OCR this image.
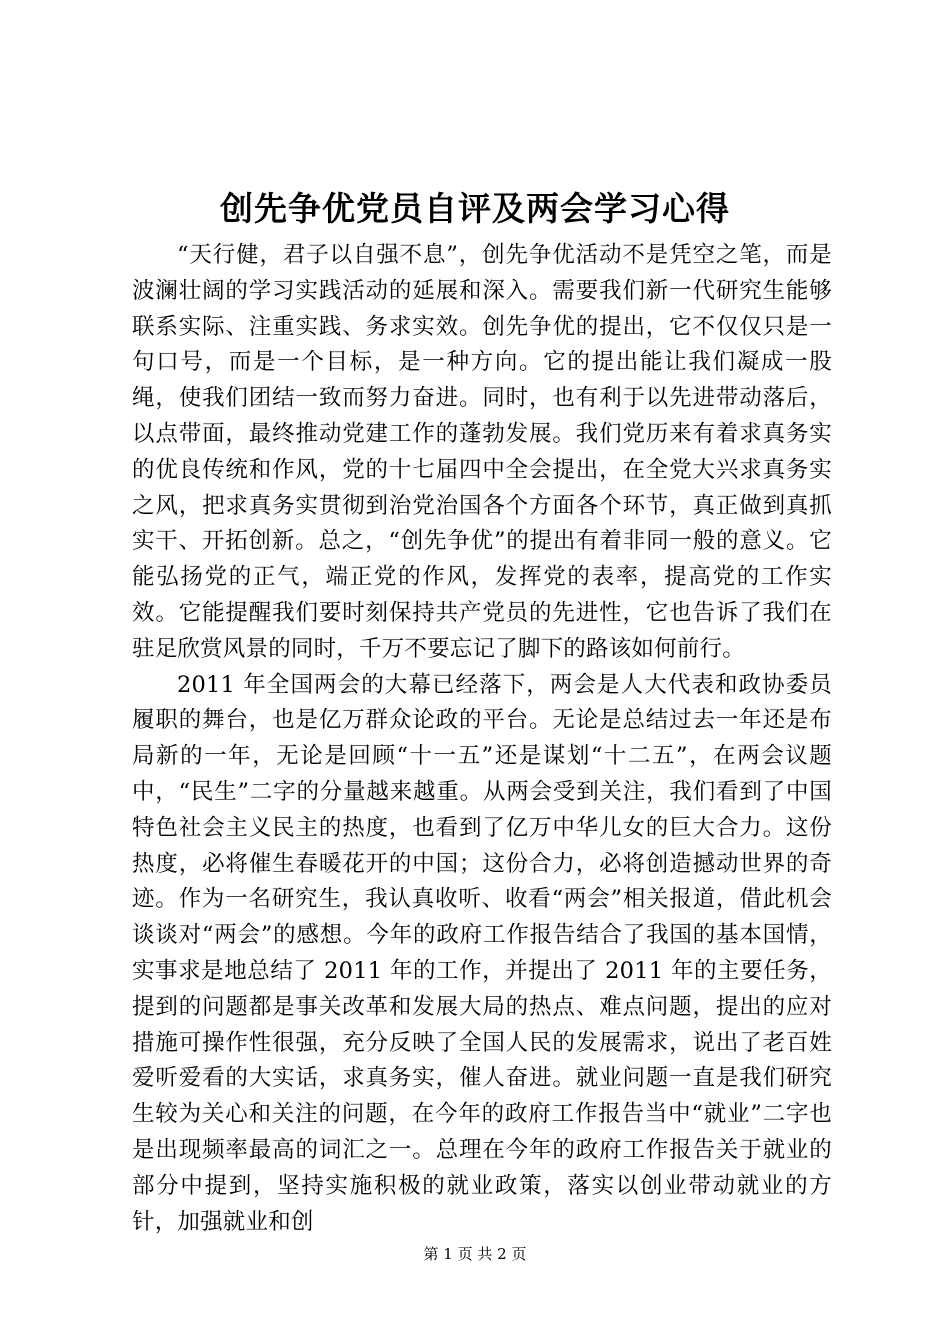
创先争优党员自评及两会学习心得

“天行健，君子以自强不息”，创先争优活动不是凭空之笔，而是波澜壮阔的学习实践活动的延展和深入。需要我们新一代研究生能够联系实际、注重实践、务求实效。创先争优的提出，它不仅仅只是一句口号，而是一个目标，是一种方向。它的提出能让我们凝成一股绳，使我们团结一致而努力奋进。同时，也有利于以先进带动落后，以点带面，最终推动党建工作的蓬勃发展。我们党历来有着求真务实的优良传统和作风，党的十七届四中全会提出，在全党大兴求真务实之风，把求真务实贯彻到治党治国各个方面各个环节，真正做到真抓实干、开拓创新。总之，“创先争优”的提出有着非同一般的意义。它能弘扬党的正气，端正党的作风，发挥党的表率，提高党的工作实效。它能提醒我们要时刻保持共产党员的先进性，它也告诉了我们在驻足欣赏风景的同时，千万不要忘记了脚下的路该如何前行。

2011 年全国两会的大幕已经落下，两会是人大代表和政协委员履职的舞台，也是亿万群众论政的平台。无论是总结过去一年还是布局新的一年，无论是回顾“十一五”还是谋划“十二五”，在两会议题中，“民生”二字的分量越来越重。从两会受到关注，我们看到了中国特色社会主义民主的热度，也看到了亿万中华儿女的巨大合力。这份热度，必将催生春暖花开的中国；这份合力，必将创造撼动世界的奇迹。作为一名研究生，我认真收听、收看“两会”相关报道，借此机会谈谈对“两会”的感想。今年的政府工作报告结合了我国的基本国情，实事求是地总结了 2011 年的工作，并提出了 2011 年的主要任务，提到的问题都是事关改革和发展大局的热点、难点问题，提出的应对措施可操作性很强，充分反映了全国人民的发展需求，说出了老百姓爱听爱看的大实话，求真务实，催人奋进。就业问题一直是我们研究生较为关心和关注的问题，在今年的政府工作报告当中“就业”二字也是出现频率最高的词汇之一。总理在今年的政府工作报告关于就业的部分中提到，坚持实施积极的就业政策，落实以创业带动就业的方针，加强就业和创

第 1 页 共 2 页
